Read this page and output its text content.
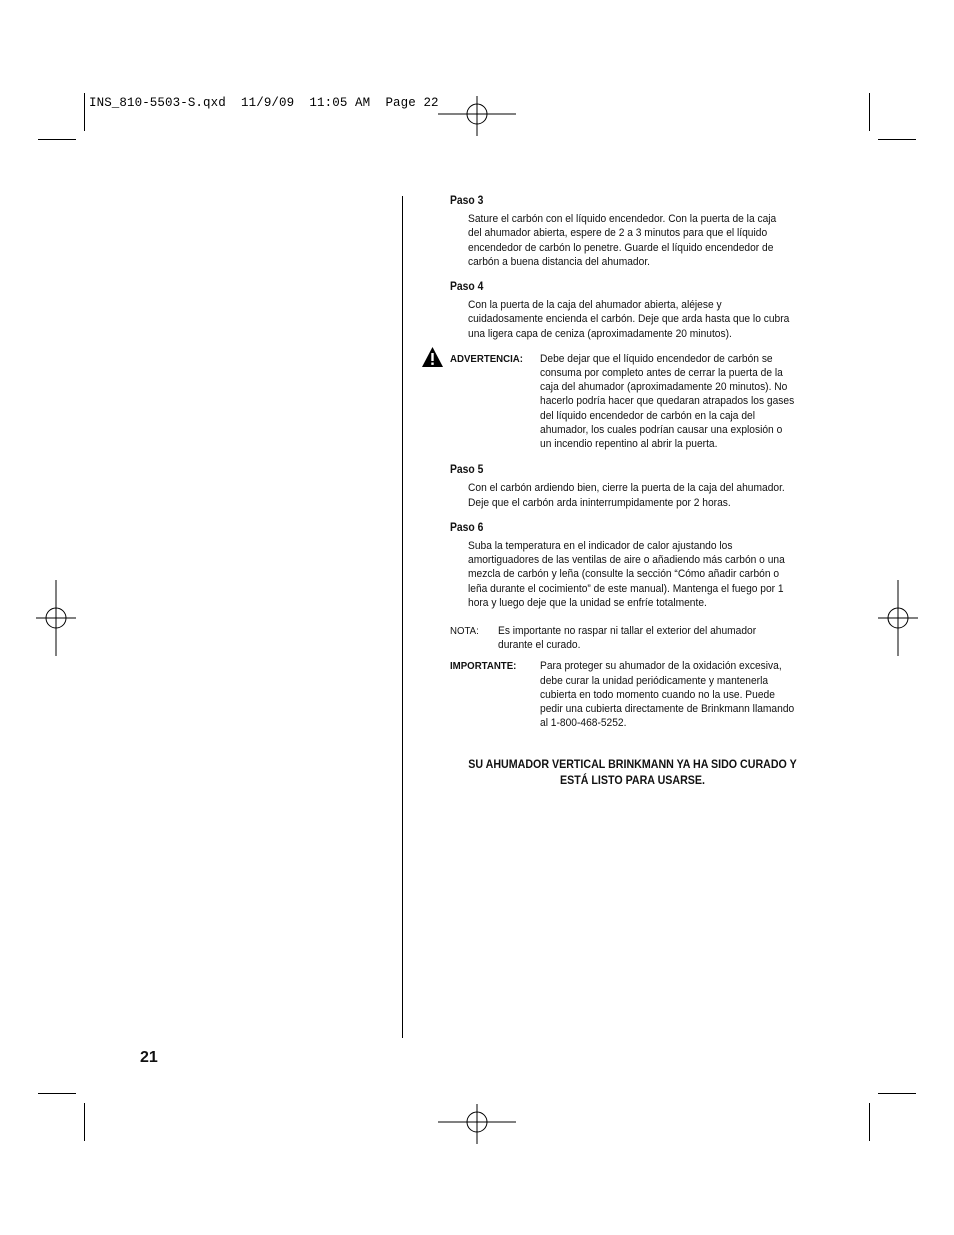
INS_810-5503-S.qxd  11/9/09  11:05 AM  Page 22
Paso 3
Sature el carbón con el líquido encendedor. Con la puerta de la caja del ahumador abierta, espere de 2 a 3 minutos para que el líquido encendedor de carbón lo penetre. Guarde el líquido encendedor de carbón a buena distancia del ahumador.
Paso 4
Con la puerta de la caja del ahumador abierta, aléjese y cuidadosamente encienda el carbón. Deje que arda hasta que lo cubra una ligera capa de ceniza (aproximadamente 20 minutos).
ADVERTENCIA:	Debe dejar que el líquido encendedor de carbón se consuma por completo antes de cerrar la puerta de la caja del ahumador (aproximadamente 20 minutos). No hacerlo podría hacer que quedaran atrapados los gases del líquido encendedor de carbón en la caja del ahumador, los cuales podrían causar una explosión o un incendio repentino al abrir la puerta.
Paso 5
Con el carbón ardiendo bien, cierre la puerta de la caja del ahumador. Deje que el carbón arda ininterrumpidamente por 2 horas.
Paso 6
Suba la temperatura en el indicador de calor ajustando los amortiguadores de las ventilas de aire o añadiendo más carbón o una mezcla de carbón y leña (consulte la sección “Cómo añadir carbón o leña durante el cocimiento” de este manual). Mantenga el fuego por 1 hora y luego deje que la unidad se enfríe totalmente.
NOTA:	Es importante no raspar ni tallar el exterior del ahumador durante el curado.
IMPORTANTE:	Para proteger su ahumador de la oxidación excesiva, debe curar la unidad periódicamente y mantenerla cubierta en todo momento cuando no la use. Puede pedir una cubierta directamente de Brinkmann llamando al 1-800-468-5252.
SU AHUMADOR VERTICAL BRINKMANN YA HA SIDO CURADO Y
ESTÁ LISTO PARA USARSE.
21
